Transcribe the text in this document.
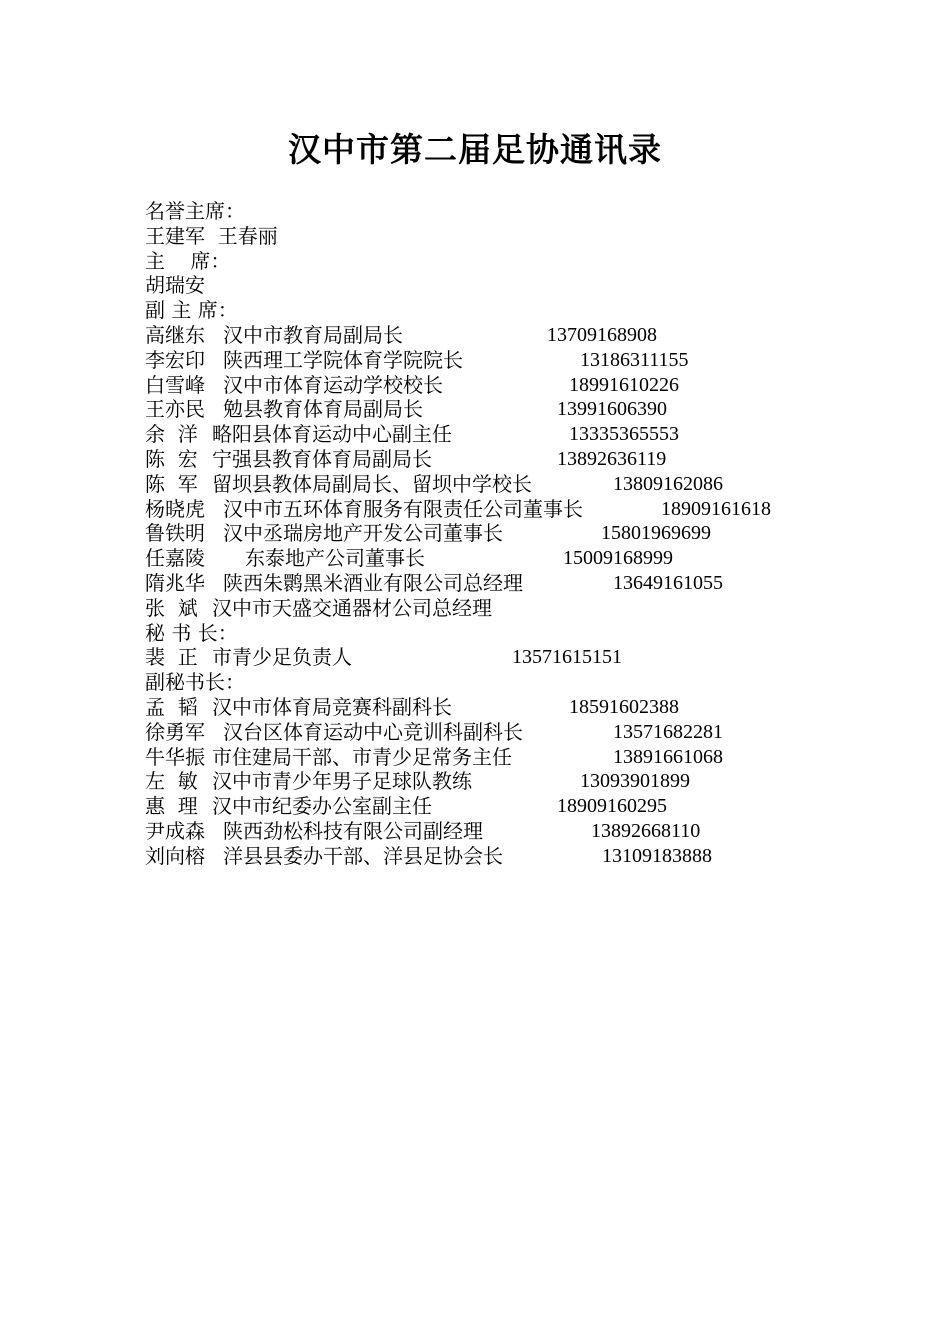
汉中市第二届足协通讯录
名誉主席：
王建军  王春丽
主    席：
胡瑞安
副 主 席：
高继东 汉中市教育局副局长	13709168908
李宏印 陕西理工学院体育学院院长	13186311155
白雪峰 汉中市体育运动学校校长	18991610226
王亦民 勉县教育体育局副局长	13991606390
余  洋 略阳县体育运动中心副主任	13335365553
陈  宏 宁强县教育体育局副局长	13892636119
陈  军 留坝县教体局副局长、留坝中学校长	13809162086
杨晓虎 汉中市五环体育服务有限责任公司董事长	18909161618
鲁铁明 汉中丞瑞房地产开发公司董事长	15801969699
任嘉陵 东泰地产公司董事长	15009168999
隋兆华 陕西朱鹮黑米酒业有限公司总经理	13649161055
张  斌 汉中市天盛交通器材公司总经理
秘 书 长：
裴  正 市青少足负责人	13571615151
副秘书长：
孟  韬 汉中市体育局竞赛科副科长	18591602388
徐勇军 汉台区体育运动中心竞训科副科长	13571682281
牛华振 市住建局干部、市青少足常务主任	13891661068
左  敏 汉中市青少年男子足球队教练	13093901899
惠  理 汉中市纪委办公室副主任	18909160295
尹成森 陕西劲松科技有限公司副经理	13892668110
刘向榕 洋县县委办干部、洋县足协会长	13109183888
